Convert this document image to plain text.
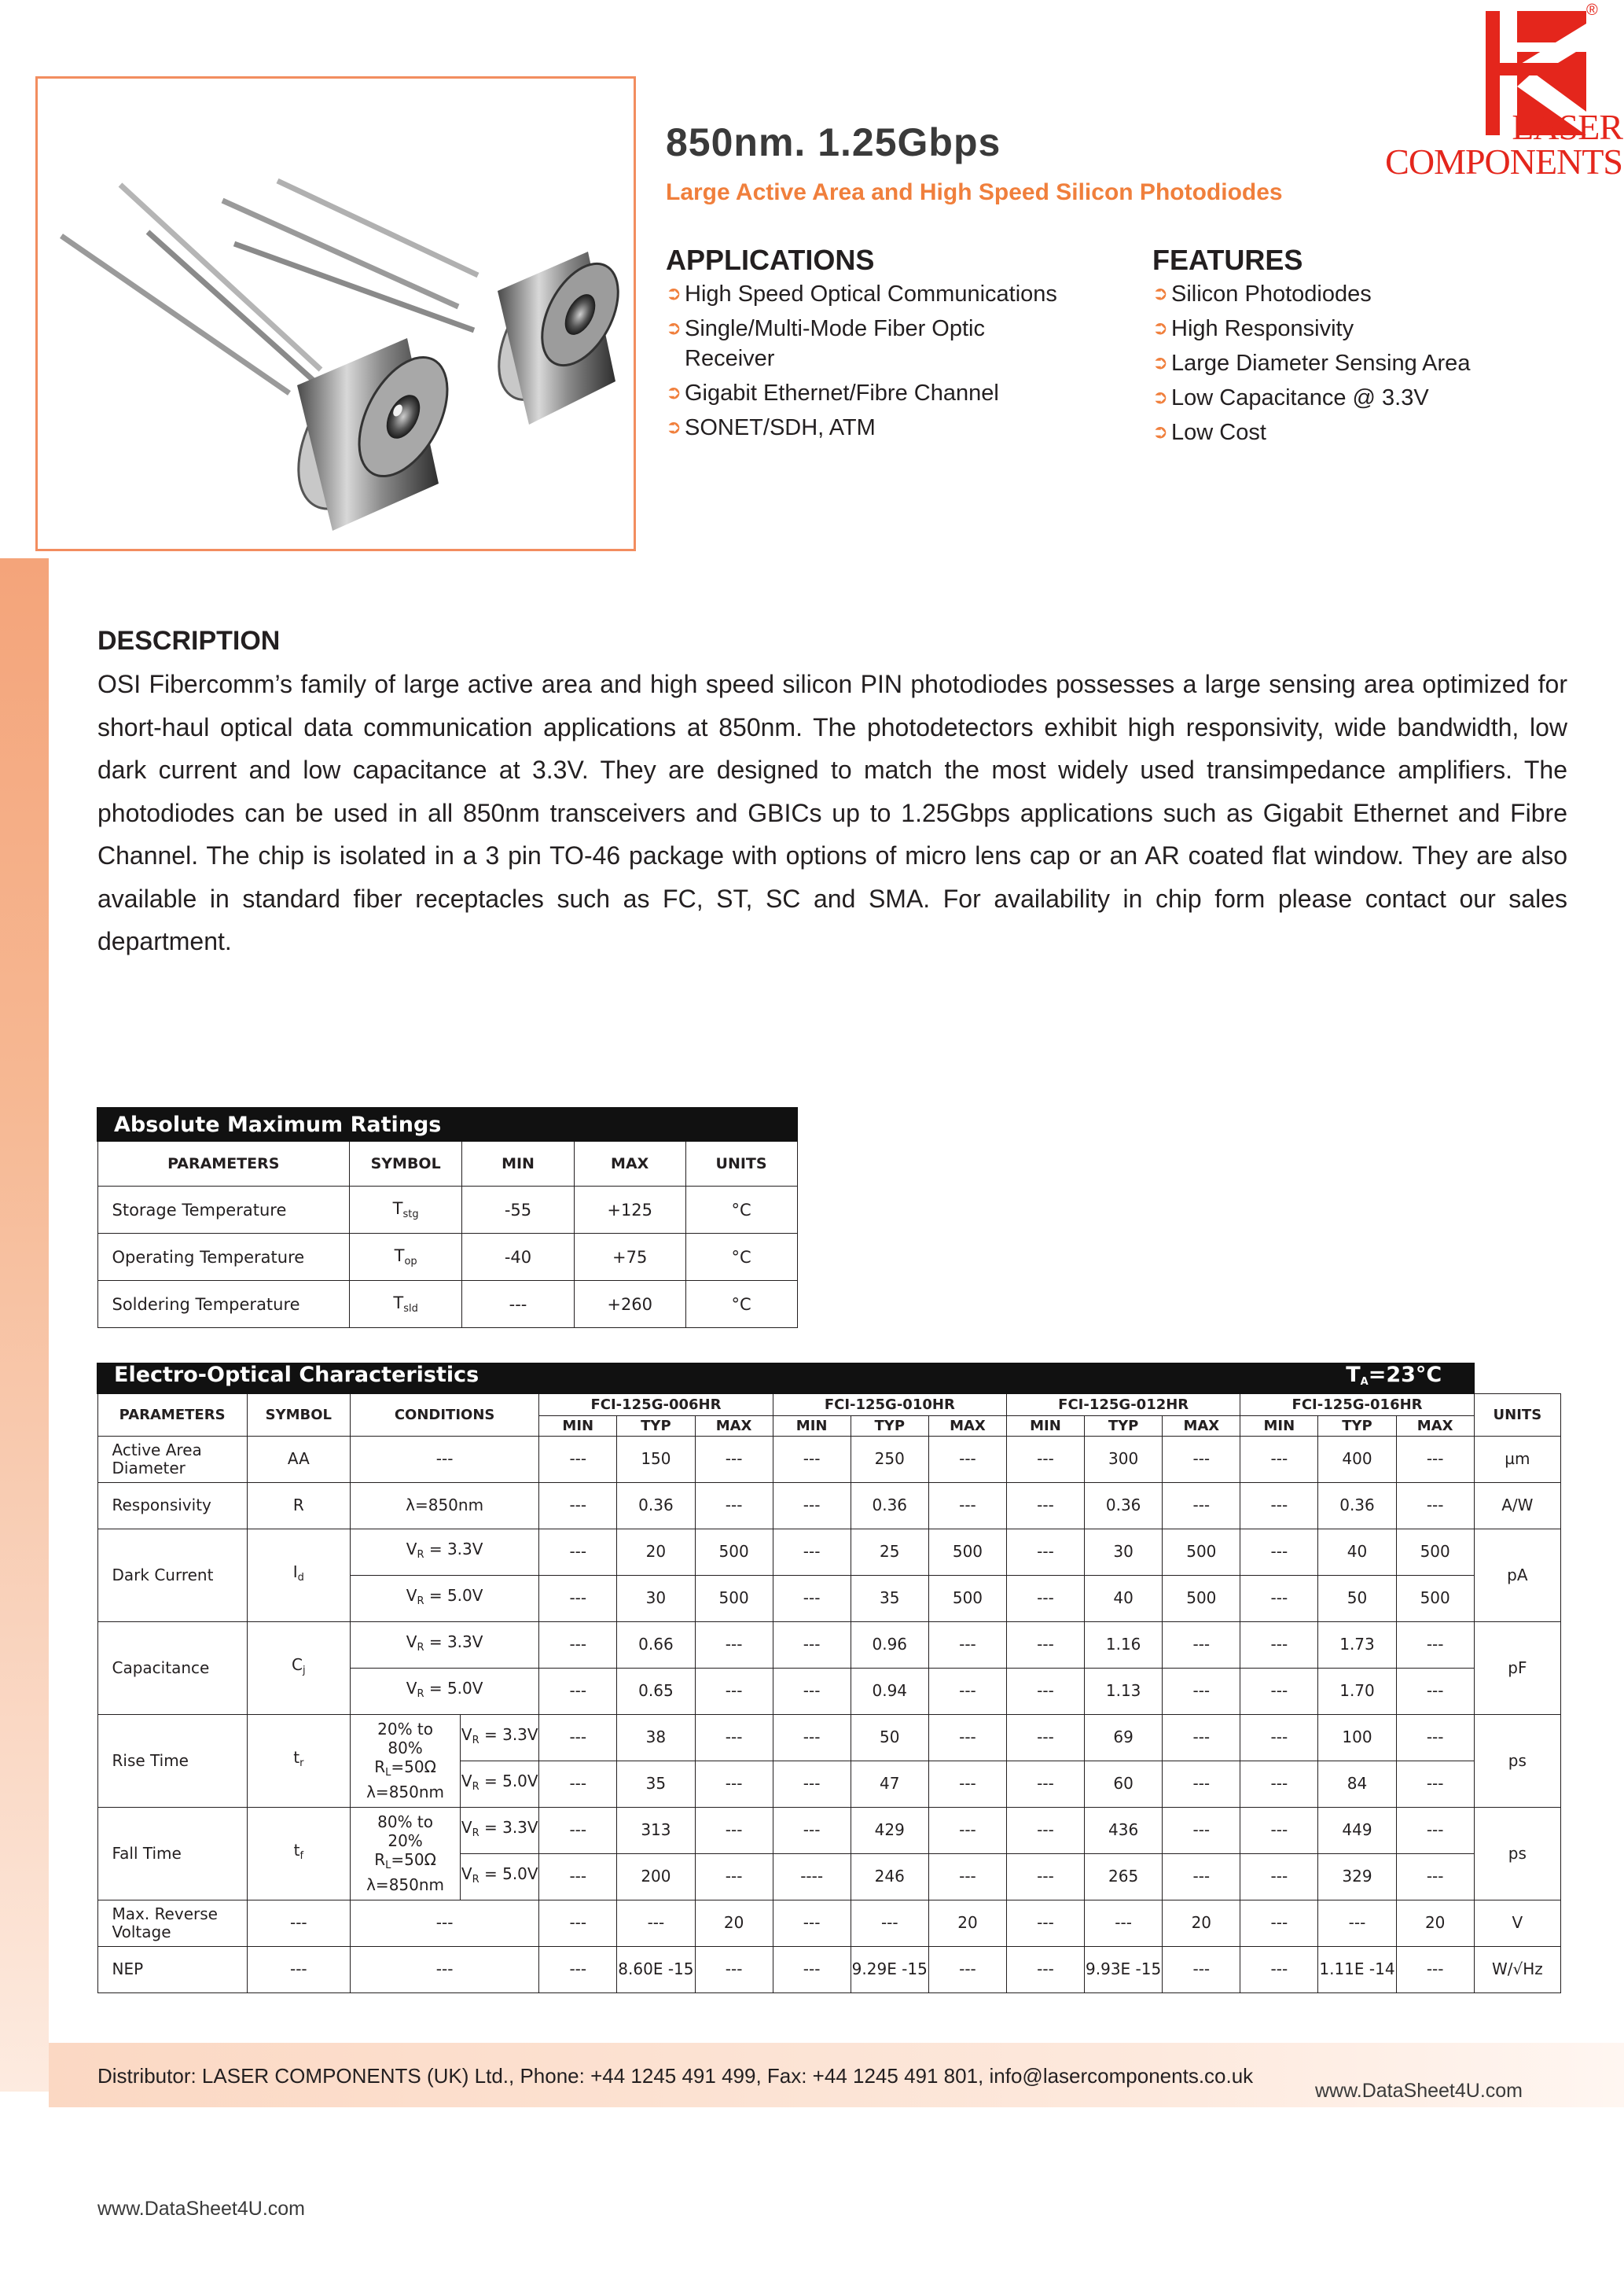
®
LASER
COMPONENTS
850nm. 1.25Gbps
Large Active Area and High Speed Silicon Photodiodes
APPLICATIONS
➲ High Speed Optical Communications
➲ Single/Multi-Mode Fiber Optic
Receiver
➲ Gigabit Ethernet/Fibre Channel
➲ SONET/SDH, ATM
FEATURES
➲ Silicon Photodiodes
➲ High Responsivity
➲ Large Diameter Sensing Area
➲ Low Capacitance @ 3.3V
➲ Low Cost
DESCRIPTION
OSI Fibercomm’s family of large active area and high speed silicon PIN photodiodes possesses a large sensing area optimized for short-haul optical data communication applications at 850nm. The photodetectors exhibit high responsivity, wide bandwidth, low dark current and low capacitance at 3.3V. They are designed to match the most widely used transimpedance amplifiers. The photodiodes can be used in all 850nm transceivers and GBICs up to 1.25Gbps applications such as Gigabit Ethernet and Fibre Channel. The chip is isolated in a 3 pin TO-46 package with options of micro lens cap or an AR coated flat window. They are also available in standard fiber receptacles such as FC, ST, SC and SMA. For availability in chip form please contact our sales department.
Absolute Maximum Ratings				
PARAMETERS	SYMBOL	MIN	MAX	UNITS
Storage Temperature	$T_{stg}$	-55	+125	°C
Operating Temperature	$T_{op}$	-40	+75	°C
Soldering Temperature	$T_{sld}$	---	+260	°C
Electro-Optical Characteristics $T_A=23^\circ C$																

PARAMETERS	SYMBOL	CONDITIONS		FCI-125G-006HR			FCI-125G-010HR			FCI-125G-012HR			FCI-125G-016HR			UNITS
				MIN	TYP	MAX	MIN	TYP	MAX	MIN	TYP	MAX	MIN	TYP	MAX	
Active Area Diameter	AA	---		---	150	---	---	250	---	---	300	---	---	400	---	µm
Responsivity	R	λ=850nm		---	0.36	---	---	0.36	---	---	0.36	---	---	0.36	---	A/W
Dark Current	$I_d$	$V_R = 3.3V$		---	20	500	---	25	500	---	30	500	---	40	500	pA
		$V_R = 5.0V$		---	30	500	---	35	500	---	40	500	---	50	500	
Capacitance	$C_j$	$V_R = 3.3V$		---	0.66	---	---	0.96	---	---	1.16	---	---	1.73	---	pF
		$V_R = 5.0V$		---	0.65	---	---	0.94	---	---	1.13	---	---	1.70	---	
Rise Time	$t_r$	20% to
80%
$R_L=50\Omega$
λ=850nm	$V_R = 3.3V$	---	38	---	---	50	---	---	69	---	---	100	---	ps
			$V_R = 5.0V$	---	35	---	---	47	---	---	60	---	---	84	---	
Fall Time	$t_f$	80% to
20%
$R_L=50\Omega$
λ=850nm	$V_R = 3.3V$	---	313	---	---	429	---	---	436	---	---	449	---	ps
			$V_R = 5.0V$	---	200	---	----	246	---	---	265	---	---	329	---	
Max. Reverse Voltage	---	---		---	---	20	---	---	20	---	---	20	---	---	20	V
NEP	---	---		---	8.60E -15	---	---	9.29E -15	---	---	9.93E -15	---	---	1.11E -14	---	W/√Hz
Distributor: LASER COMPONENTS (UK) Ltd., Phone: +44 1245 491 499, Fax: +44 1245 491 801, info@lasercomponents.co.uk
www.DataSheet4U.com
www.DataSheet4U.com
